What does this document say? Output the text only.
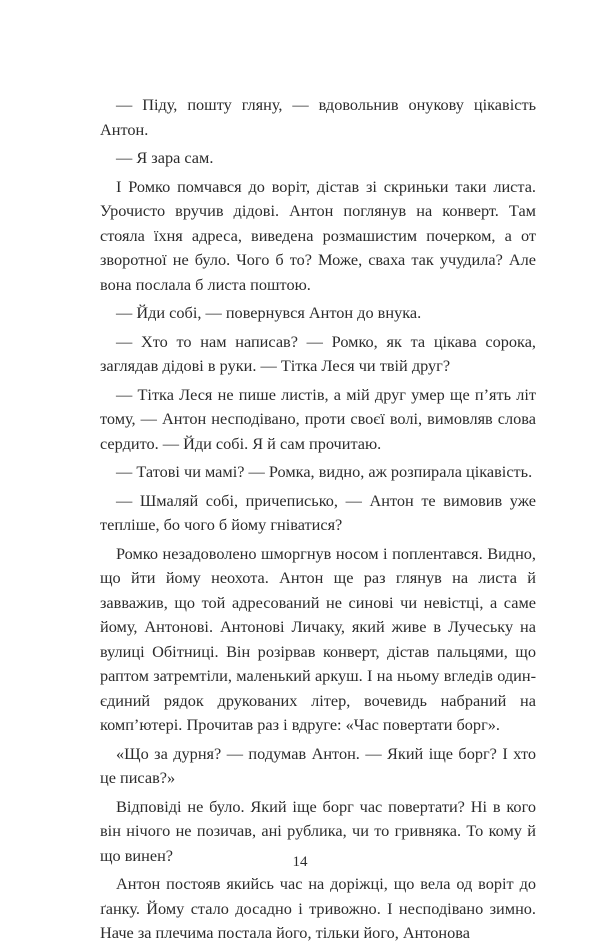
— Піду, пошту гляну, — вдовольнив онукову цікавість Антон.

— Я зара сам.

І Ромко помчався до воріт, дістав зі скриньки таки листа. Урочисто вручив дідові. Антон поглянув на конверт. Там стояла їхня адреса, виведена розмашистим почерком, а от зворотної не було. Чого б то? Може, сваха так учудила? Але вона послала б листа поштою.

— Йди собі, — повернувся Антон до внука.

— Хто то нам написав? — Ромко, як та цікава сорока, заглядав дідові в руки. — Тітка Леся чи твій друг?

— Тітка Леся не пише листів, а мій друг умер ще п’ять літ тому, — Антон несподівано, проти своєї волі, вимовляв слова сердито. — Йди собі. Я й сам прочитаю.

— Татові чи мамі? — Ромка, видно, аж розпирала цікавість.

— Шмаляй собі, причеписько, — Антон те вимовив уже тепліше, бо чого б йому гніватися?

Ромко незадоволено шморгнув носом і поплентався. Видно, що йти йому неохота. Антон ще раз глянув на листа й завважив, що той адресований не синові чи невістці, а саме йому, Антонові. Антонові Личаку, який живе в Лучеську на вулиці Обітниці. Він розірвав конверт, дістав пальцями, що раптом затремтіли, маленький аркуш. І на ньому вгледів один-єдиний рядок друкованих літер, вочевидь набраний на комп’ютері. Прочитав раз і вдруге: «Час повертати борг».

«Що за дурня? — подумав Антон. — Який іще борг? І хто це писав?»

Відповіді не було. Який іще борг час повертати? Ні в кого він нічого не позичав, ані рублика, чи то гривняка. То кому й що винен?

Антон постояв якийсь час на доріжці, що вела од воріт до ґанку. Йому стало досадно і тривожно. І несподівано зимно. Наче за плечима постала його, тільки його, Антонова

14
